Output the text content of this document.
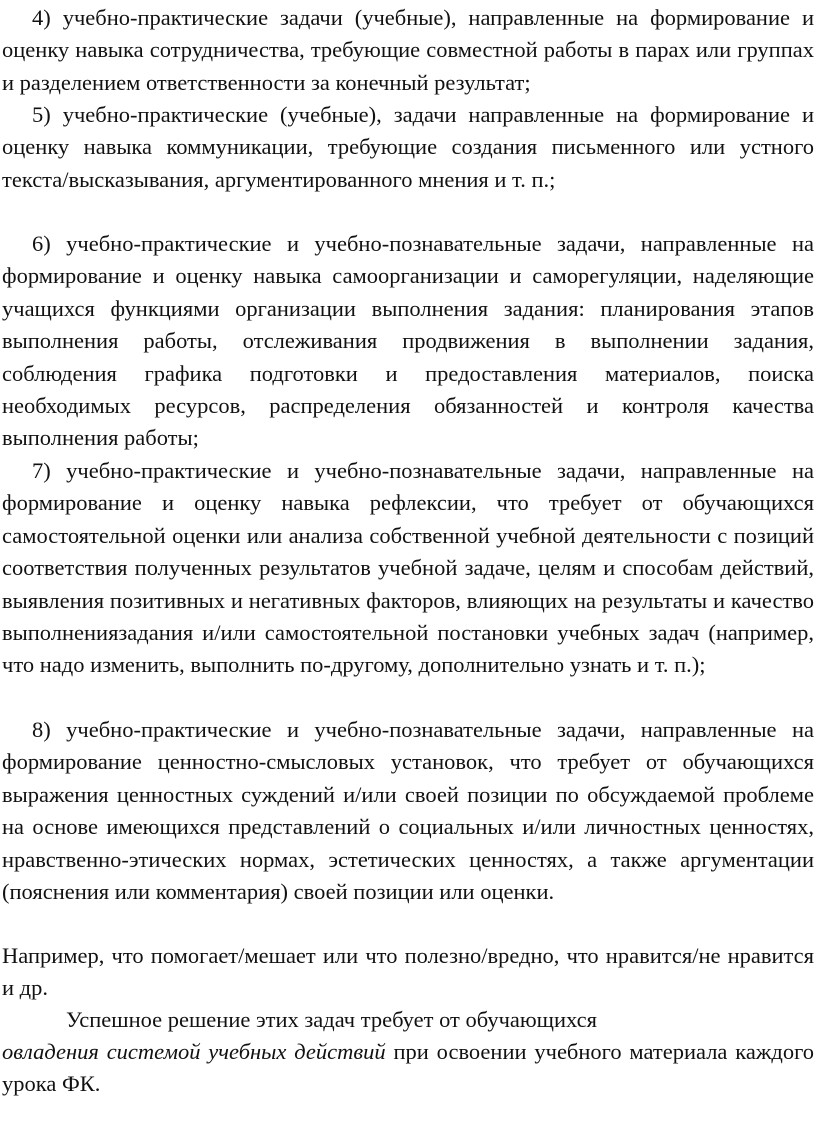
4) учебно-практические задачи (учебные), направленные на формирование и оценку навыка сотрудничества, требующие совместной работы в парах или группах и разделением ответственности за конечный результат;

5) учебно-практические (учебные), задачи направленные на формирование и оценку навыка коммуникации, требующие создания письменного или устного текста/высказывания, аргументированного мнения и т. п.;

6) учебно-практические и учебно-познавательные задачи, направленные на формирование и оценку навыка самоорганизации и саморегуляции, наделяющие учащихся функциями организации выполнения задания: планирования этапов выполнения работы, отслеживания продвижения в выполнении задания, соблюдения графика подготовки и предоставления материалов, поиска необходимых ресурсов, распределения обязанностей и контроля качества выполнения работы;

7) учебно-практические и учебно-познавательные задачи, направленные на формирование и оценку навыка рефлексии, что требует от обучающихся самостоятельной оценки или анализа собственной учебной деятельности с позиций соответствия полученных результатов учебной задаче, целям и способам действий, выявления позитивных и негативных факторов, влияющих на результаты и качество выполнениязадания и/или самостоятельной постановки учебных задач (например, что надо изменить, выполнить по-другому, дополнительно узнать и т. п.);

8) учебно-практические и учебно-познавательные задачи, направленные на формирование ценностно-смысловых установок, что требует от обучающихся выражения ценностных суждений и/или своей позиции по обсуждаемой проблеме на основе имеющихся представлений о социальных и/или личностных ценностях, нравственно-этических нормах, эстетических ценностях, а также аргументации (пояснения или комментария) своей позиции или оценки.

Например, что помогает/мешает или что полезно/вредно, что нравится/не нравится и др.

Успешное решение этих задач требует от обучающихся

овладения системой учебных действий при освоении учебного материала каждого урока ФК.
